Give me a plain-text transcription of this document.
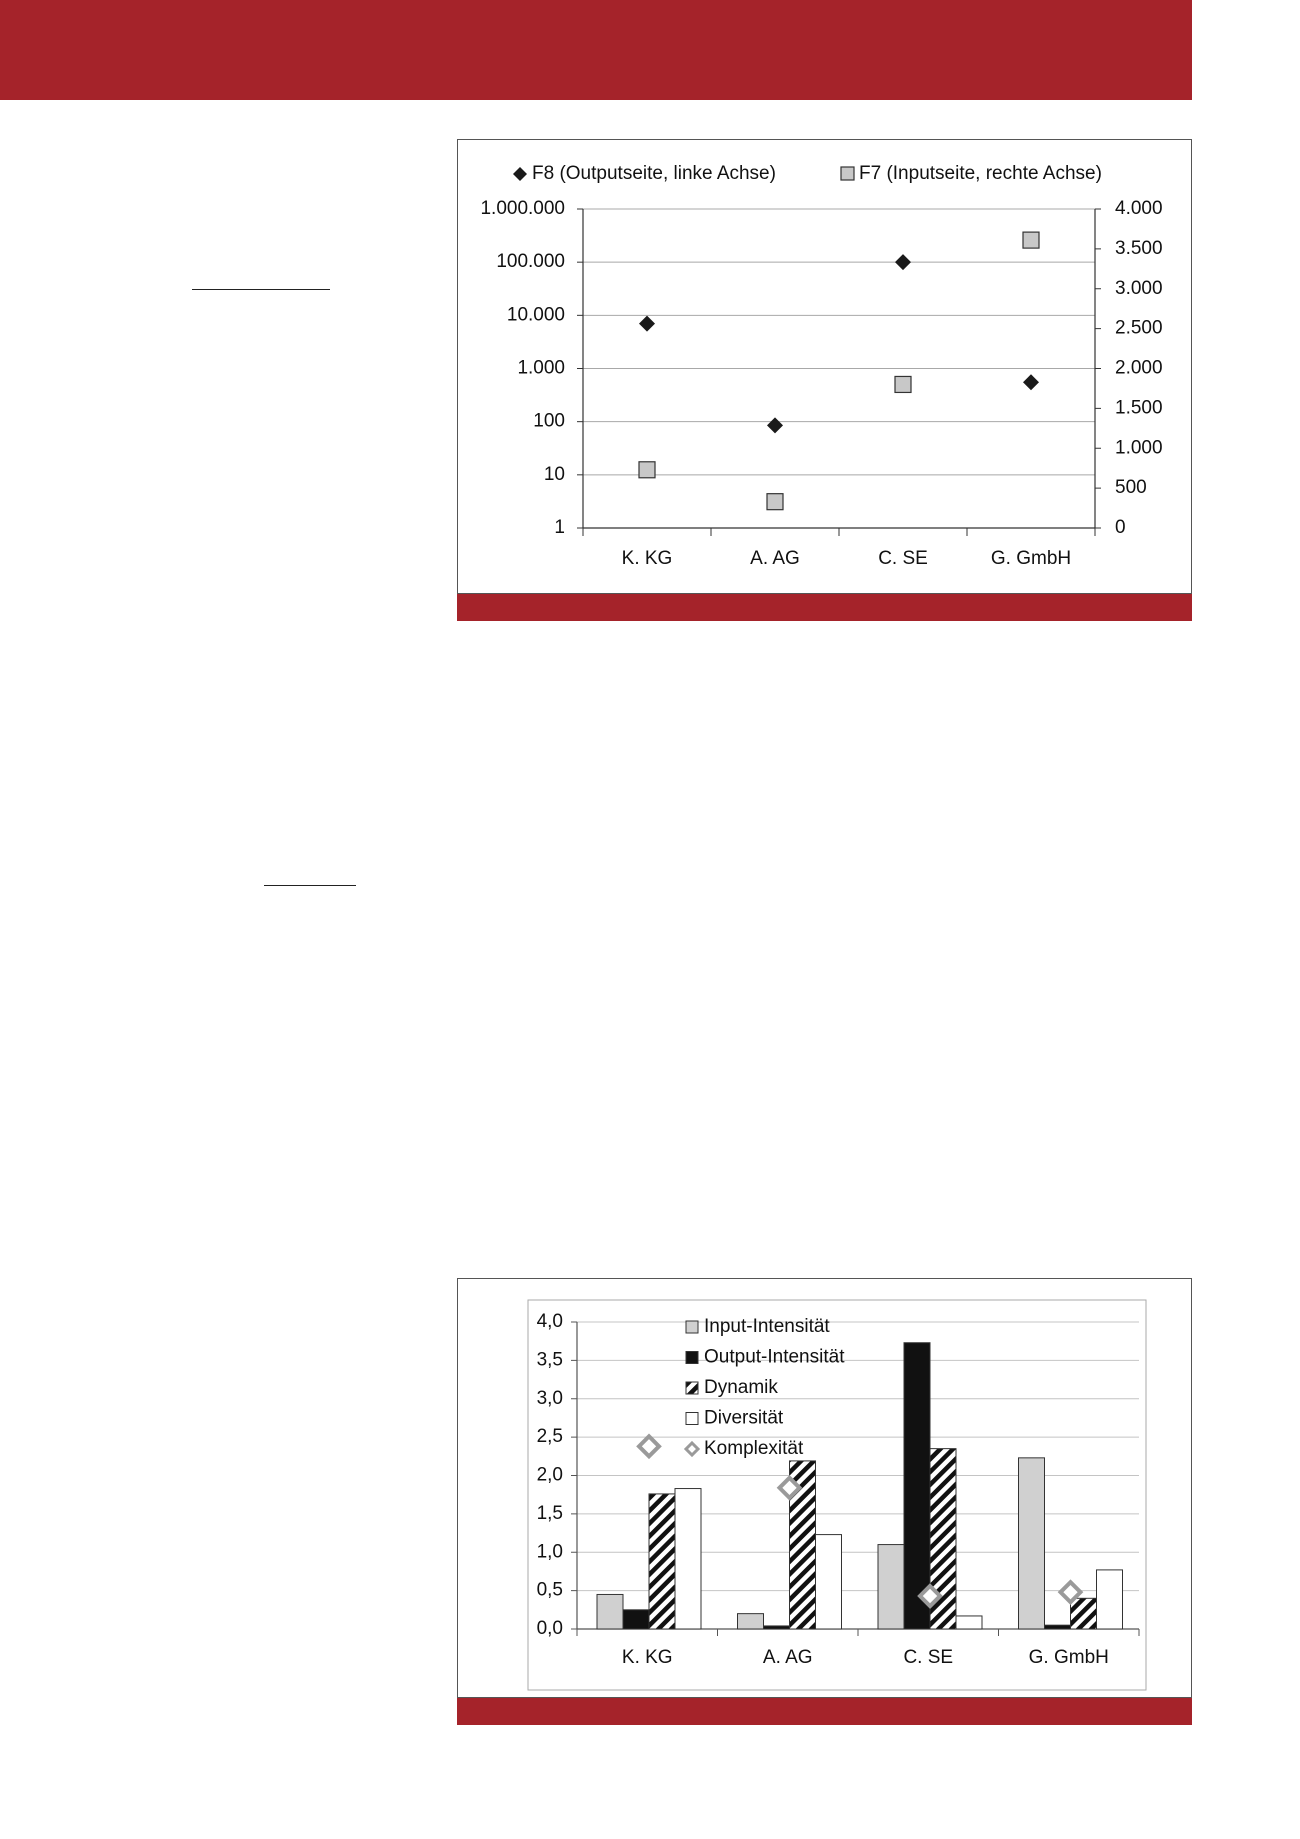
1
10
100
1.000
10.000
100.000
1.000.000
0
500
1.000
1.500
2.000
2.500
3.000
3.500
4.000
K. KG	A. AG	C. SE	G. GmbH
F8 (Outputseite, linke Achse)	F7 (Inputseite, rechte Achse)
0,0
0,5
1,0
1,5
2,0
2,5
3,0
3,5
4,0
K. KG	A. AG	C. SE	G. GmbH
Input-Intensität
Output-Intensität
Dynamik
Diversität
Komplexität
